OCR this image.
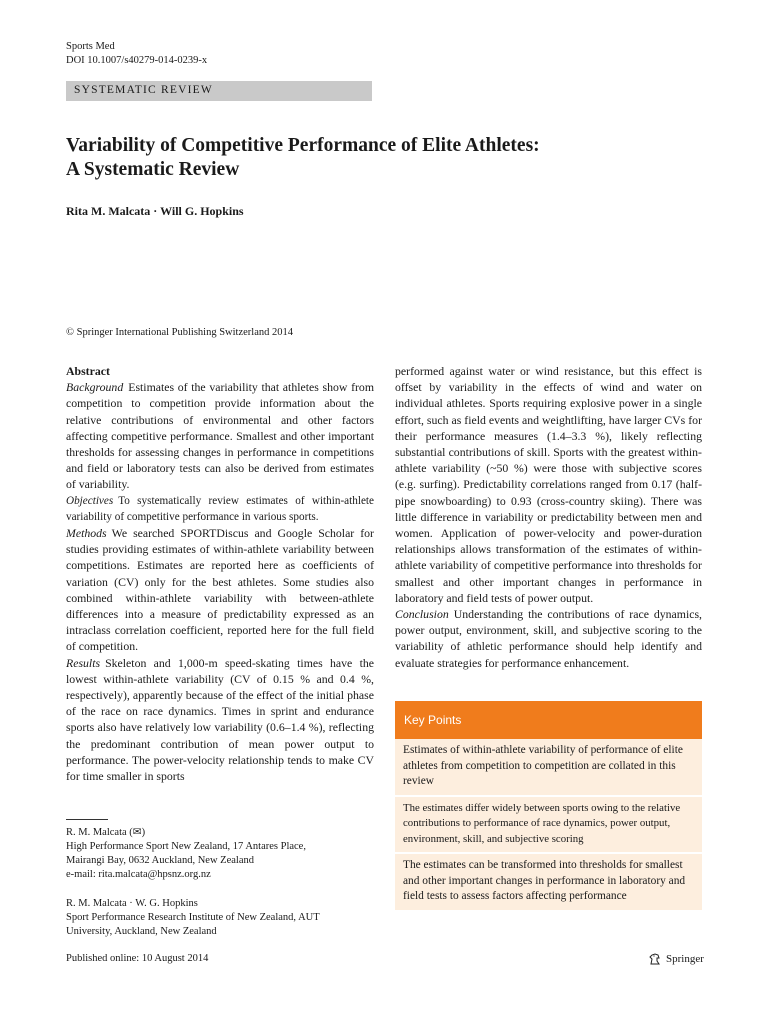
Sports Med
DOI 10.1007/s40279-014-0239-x
SYSTEMATIC REVIEW
Variability of Competitive Performance of Elite Athletes:
A Systematic Review
Rita M. Malcata · Will G. Hopkins
© Springer International Publishing Switzerland 2014

Abstract

Background Estimates of the variability that athletes show from competition to competition provide information about the relative contributions of environmental and other factors affecting competitive performance. Smallest and other important thresholds for assessing changes in performance in competitions and field or laboratory tests can also be derived from estimates of variability.

Objectives To systematically review estimates of within-athlete variability of competitive performance in various sports.

Methods We searched SPORTDiscus and Google Scholar for studies providing estimates of within-athlete variability between competitions. Estimates are reported here as coefficients of variation (CV) only for the best athletes. Some studies also combined within-athlete variability with between-athlete differences into a measure of predictability expressed as an intraclass correlation coefficient, reported here for the full field of competition.

Results Skeleton and 1,000-m speed-skating times have the lowest within-athlete variability (CV of 0.15 % and 0.4 %, respectively), apparently because of the effect of the initial phase of the race on race dynamics. Times in sprint and endurance sports also have relatively low variability (0.6–1.4 %), reflecting the predominant contribution of mean power output to performance. The power-velocity relationship tends to make CV for time smaller in sports

R. M. Malcata (✉)

High Performance Sport New Zealand, 17 Antares Place,

Mairangi Bay, 0632 Auckland, New Zealand

e-mail: rita.malcata@hpsnz.org.nz

R. M. Malcata · W. G. Hopkins

Sport Performance Research Institute of New Zealand, AUT

University, Auckland, New Zealand

performed against water or wind resistance, but this effect is offset by variability in the effects of wind and water on individual athletes. Sports requiring explosive power in a single effort, such as field events and weightlifting, have larger CVs for their performance measures (1.4–3.3 %), likely reflecting substantial contributions of skill. Sports with the greatest within-athlete variability (~50 %) were those with subjective scores (e.g. surfing). Predictability correlations ranged from 0.17 (half-pipe snowboarding) to 0.93 (cross-country skiing). There was little difference in variability or predictability between men and women. Application of power-velocity and power-duration relationships allows transformation of the estimates of within-athlete variability of competitive performance into thresholds for smallest and other important changes in performance in laboratory and field tests of power output.

Conclusion Understanding the contributions of race dynamics, power output, environment, skill, and subjective scoring to the variability of athletic performance should help identify and evaluate strategies for performance enhancement.

Key Points
Estimates of within-athlete variability of performance of elite athletes from competition to competition are collated in this review
The estimates differ widely between sports owing to the relative contributions to performance of race dynamics, power output, environment, skill, and subjective scoring
The estimates can be transformed into thresholds for smallest and other important changes in performance in laboratory and field tests to assess factors affecting performance
Published online: 10 August 2014	Springer
